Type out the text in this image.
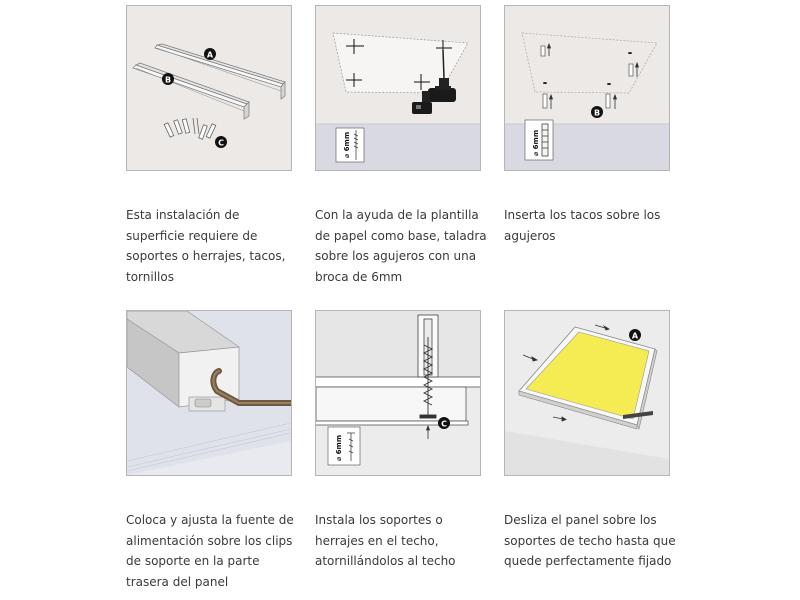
A
B
C

Esta instalación de superficie requiere de soportes o herrajes, tacos, tornillos

⌀ 6mm

Con la ayuda de la plantilla de papel como base, taladra sobre los agujeros con una broca de 6mm

B
⌀ 6mm

Inserta los tacos sobre los agujeros

Coloca y ajusta la fuente de alimentación sobre los clips de soporte en la parte trasera del panel

C
⌀ 6mm

Instala los soportes o herrajes en el techo, atornillándolos al techo

A

Desliza el panel sobre los soportes de techo hasta que quede perfectamente fijado
